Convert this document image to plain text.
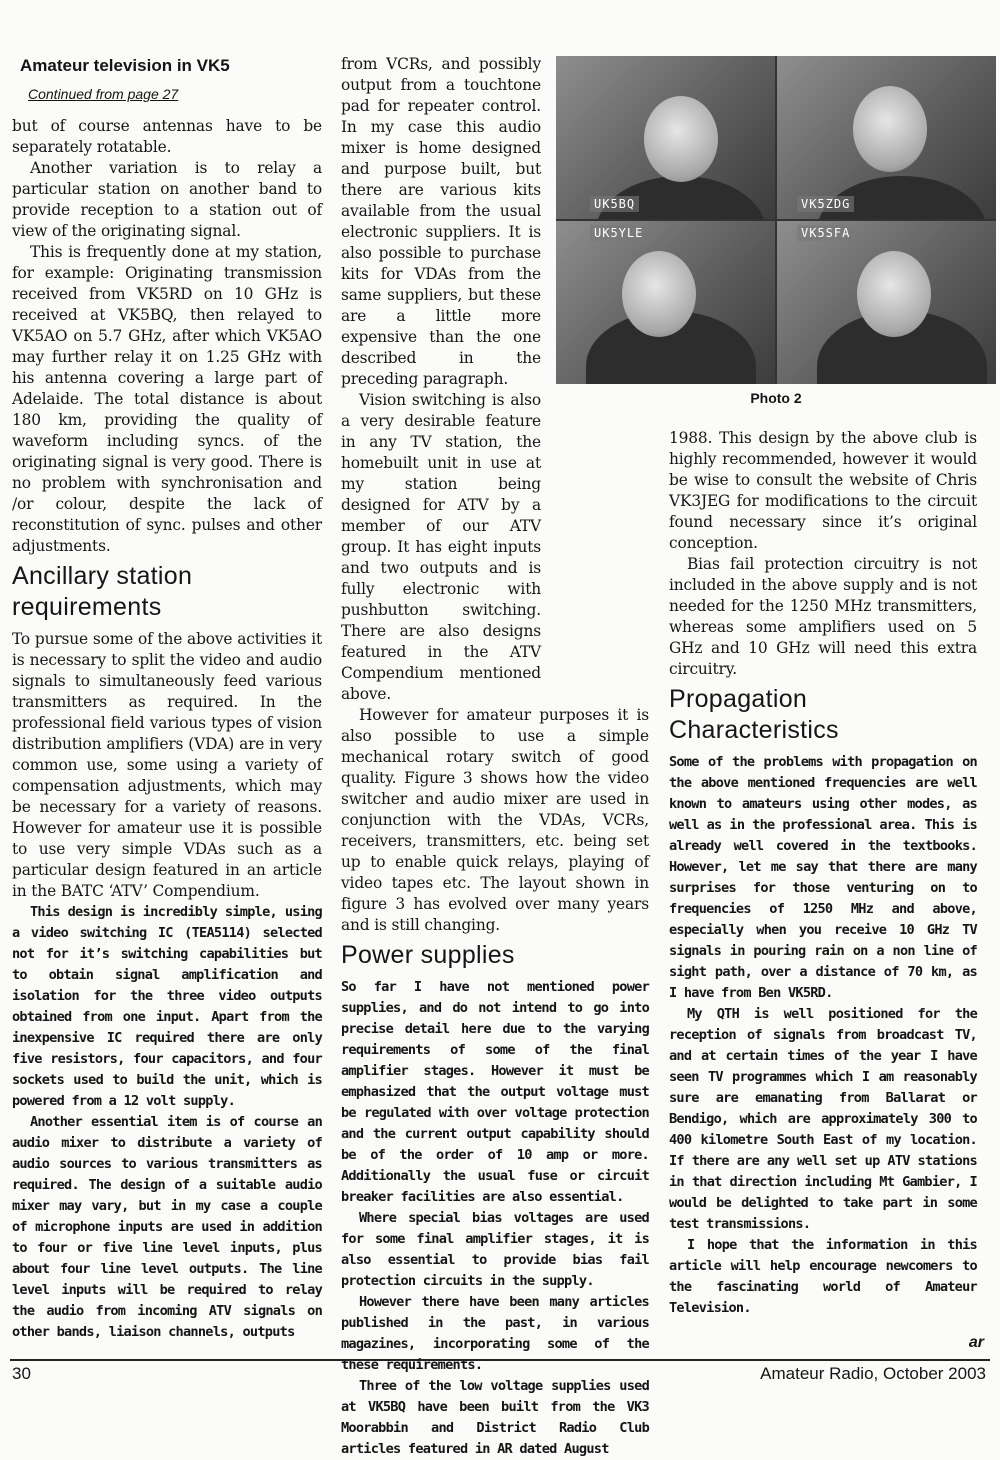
Amateur television in VK5
Continued from page 27

but of course antennas have to be separately rotatable.

Another variation is to relay a particular station on another band to provide reception to a station out of view of the originating signal.

This is frequently done at my station, for example: Originating transmission received from VK5RD on 10 GHz is received at VK5BQ, then relayed to VK5AO on 5.7 GHz, after which VK5AO may further relay it on 1.25 GHz with his antenna covering a large part of Adelaide. The total distance is about 180 km, providing the quality of waveform including syncs. of the originating signal is very good. There is no problem with synchronisation and /or colour, despite the lack of reconstitution of sync. pulses and other adjustments.

Ancillary station requirements

To pursue some of the above activities it is necessary to split the video and audio signals to simultaneously feed various transmitters as required. In the professional field various types of vision distribution amplifiers (VDA) are in very common use, some using a variety of compensation adjustments, which may be necessary for a variety of reasons. However for amateur use it is possible to use very simple VDAs such as a particular design featured in an article in the BATC ‘ATV’ Compendium.

This design is incredibly simple, using a video switching IC (TEA5114) selected not for it’s switching capabilities but to obtain signal amplification and isolation for the three video outputs obtained from one input. Apart from the inexpensive IC required there are only five resistors, four capacitors, and four sockets used to build the unit, which is powered from a 12 volt supply.

Another essential item is of course an audio mixer to distribute a variety of audio sources to various transmitters as required. The design of a suitable audio mixer may vary, but in my case a couple of microphone inputs are used in addition to four or five line level inputs, plus about four line level outputs. The line level inputs will be required to relay the audio from incoming ATV signals on other bands, liaison channels, outputs

from VCRs, and possibly output from a touchtone pad for repeater control. In my case this audio mixer is home designed and purpose built, but there are various kits available from the usual electronic suppliers. It is also possible to purchase kits for VDAs from the same suppliers, but these are a little more expensive than the one described in the preceding paragraph.

Vision switching is also a very desirable feature in any TV station, the homebuilt unit in use at my station being designed for ATV by a member of our ATV group. It has eight inputs and two outputs and is fully electronic with pushbutton switching. There are also designs featured in the ATV Compendium mentioned above.

However for amateur purposes it is also possible to use a simple mechanical rotary switch of good quality. Figure 3 shows how the video switcher and audio mixer are used in conjunction with the VDAs, VCRs, receivers, transmitters, etc. being set up to enable quick relays, playing of video tapes etc. The layout shown in figure 3 has evolved over many years and is still changing.

Power supplies

So far I have not mentioned power supplies, and do not intend to go into precise detail here due to the varying requirements of some of the final amplifier stages. However it must be emphasized that the output voltage must be regulated with over voltage protection and the current output capability should be of the order of 10 amp or more. Additionally the usual fuse or circuit breaker facilities are also essential.

Where special bias voltages are used for some final amplifier stages, it is also essential to provide bias fail protection circuits in the supply.

However there have been many articles published in the past, in various magazines, incorporating some of the these requirements.

Three of the low voltage supplies used at VK5BQ have been built from the VK3 Moorabbin and District Radio Club articles featured in AR dated August

UK5BQ	VK5ZDG
UK5YLE	VK5SFA
Photo 2

1988. This design by the above club is highly recommended, however it would be wise to consult the website of Chris VK3JEG for modifications to the circuit found necessary since it’s original conception.

Bias fail protection circuitry is not included in the above supply and is not needed for the 1250 MHz transmitters, whereas some amplifiers used on 5 GHz and 10 GHz will need this extra circuitry.

Propagation Characteristics

Some of the problems with propagation on the above mentioned frequencies are well known to amateurs using other modes, as well as in the professional area. This is already well covered in the textbooks. However, let me say that there are many surprises for those venturing on to frequencies of 1250 MHz and above, especially when you receive 10 GHz TV signals in pouring rain on a non line of sight path, over a distance of 70 km, as I have from Ben VK5RD.

My QTH is well positioned for the reception of signals from broadcast TV, and at certain times of the year I have seen TV programmes which I am reasonably sure are emanating from Ballarat or Bendigo, which are approximately 300 to 400 kilometre South East of my location. If there are any well set up ATV stations in that direction including Mt Gambier, I would be delighted to take part in some test transmissions.

I hope that the information in this article will help encourage newcomers to the fascinating world of Amateur Television.

ar
30	Amateur Radio, October 2003
